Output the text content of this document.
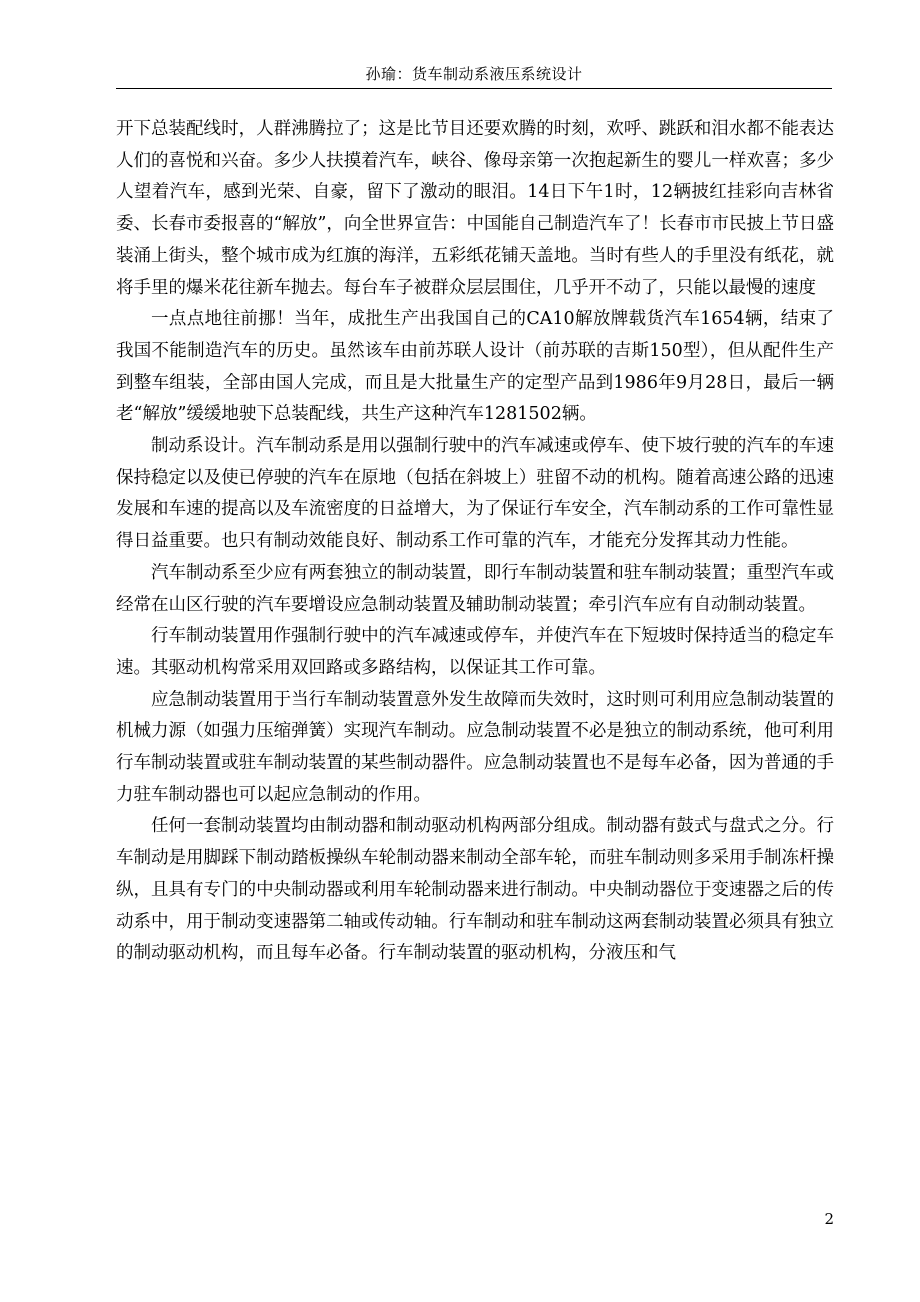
孙瑜：货车制动系液压系统设计

开下总装配线时，人群沸腾拉了；这是比节目还要欢腾的时刻，欢呼、跳跃和泪水都不能表达人们的喜悦和兴奋。多少人扶摸着汽车，峡谷、像母亲第一次抱起新生的婴儿一样欢喜；多少人望着汽车，感到光荣、自豪，留下了激动的眼泪。14日下午1时，12辆披红挂彩向吉林省委、长春市委报喜的“解放”，向全世界宣告：中国能自己制造汽车了！长春市市民披上节日盛装涌上街头，整个城市成为红旗的海洋，五彩纸花铺天盖地。当时有些人的手里没有纸花，就将手里的爆米花往新车抛去。每台车子被群众层层围住，几乎开不动了，只能以最慢的速度

一点点地往前挪！当年，成批生产出我国自己的CA10解放牌载货汽车1654辆，结束了我国不能制造汽车的历史。虽然该车由前苏联人设计（前苏联的吉斯150型），但从配件生产到整车组装，全部由国人完成，而且是大批量生产的定型产品到1986年9月28日，最后一辆老“解放”缓缓地驶下总装配线，共生产这种汽车1281502辆。

制动系设计。汽车制动系是用以强制行驶中的汽车减速或停车、使下坡行驶的汽车的车速保持稳定以及使已停驶的汽车在原地（包括在斜坡上）驻留不动的机构。随着高速公路的迅速发展和车速的提高以及车流密度的日益增大，为了保证行车安全，汽车制动系的工作可靠性显得日益重要。也只有制动效能良好、制动系工作可靠的汽车，才能充分发挥其动力性能。

汽车制动系至少应有两套独立的制动装置，即行车制动装置和驻车制动装置；重型汽车或经常在山区行驶的汽车要增设应急制动装置及辅助制动装置；牵引汽车应有自动制动装置。

行车制动装置用作强制行驶中的汽车减速或停车，并使汽车在下短坡时保持适当的稳定车速。其驱动机构常采用双回路或多路结构，以保证其工作可靠。

应急制动装置用于当行车制动装置意外发生故障而失效时，这时则可利用应急制动装置的机械力源（如强力压缩弹簧）实现汽车制动。应急制动装置不必是独立的制动系统，他可利用行车制动装置或驻车制动装置的某些制动器件。应急制动装置也不是每车必备，因为普通的手力驻车制动器也可以起应急制动的作用。

任何一套制动装置均由制动器和制动驱动机构两部分组成。制动器有鼓式与盘式之分。行车制动是用脚踩下制动踏板操纵车轮制动器来制动全部车轮，而驻车制动则多采用手制冻杆操纵，且具有专门的中央制动器或利用车轮制动器来进行制动。中央制动器位于变速器之后的传动系中，用于制动变速器第二轴或传动轴。行车制动和驻车制动这两套制动装置必须具有独立的制动驱动机构，而且每车必备。行车制动装置的驱动机构，分液压和气

2
